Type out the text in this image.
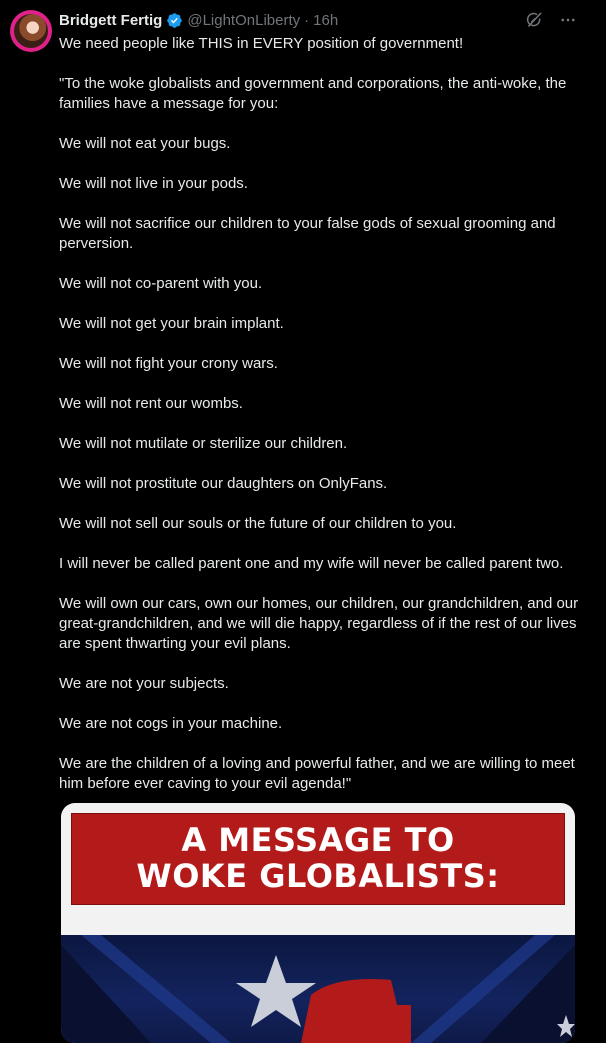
Bridgett Fertig @LightOnLiberty · 16h

We need people like THIS in EVERY position of government!

"To the woke globalists and government and corporations, the anti-woke, the families have a message for you:

We will not eat your bugs.

We will not live in your pods.

We will not sacrifice our children to your false gods of sexual grooming and perversion.

We will not co-parent with you.

We will not get your brain implant.

We will not fight your crony wars.

We will not rent our wombs.

We will not mutilate or sterilize our children.

We will not prostitute our daughters on OnlyFans.

We will not sell our souls or the future of our children to you.

I will never be called parent one and my wife will never be called parent two.

We will own our cars, own our homes, our children, our grandchildren, and our great-grandchildren, and we will die happy, regardless of if the rest of our lives are spent thwarting your evil plans.

We are not your subjects.

We are not cogs in your machine.

We are the children of a loving and powerful father, and we are willing to meet him before ever caving to your evil agenda!"

A MESSAGE TO
WOKE GLOBALISTS:
